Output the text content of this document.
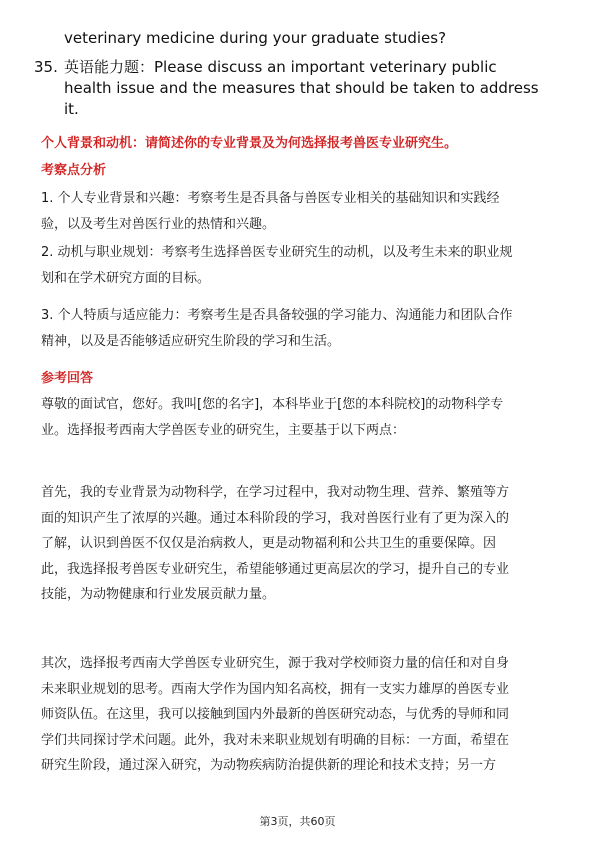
veterinary medicine during your graduate studies?
35. 英语能力题：Please discuss an important veterinary public
health issue and the measures that should be taken to address
it.
个人背景和动机：请简述你的专业背景及为何选择报考兽医专业研究生。
考察点分析
1. 个人专业背景和兴趣：考察考生是否具备与兽医专业相关的基础知识和实践经
验，以及考生对兽医行业的热情和兴趣。
2. 动机与职业规划：考察考生选择兽医专业研究生的动机，以及考生未来的职业规
划和在学术研究方面的目标。
3. 个人特质与适应能力：考察考生是否具备较强的学习能力、沟通能力和团队合作
精神，以及是否能够适应研究生阶段的学习和生活。
参考回答
尊敬的面试官，您好。我叫[您的名字]，本科毕业于[您的本科院校]的动物科学专
业。选择报考西南大学兽医专业的研究生，主要基于以下两点：
首先，我的专业背景为动物科学，在学习过程中，我对动物生理、营养、繁殖等方
面的知识产生了浓厚的兴趣。通过本科阶段的学习，我对兽医行业有了更为深入的
了解，认识到兽医不仅仅是治病救人，更是动物福利和公共卫生的重要保障。因
此，我选择报考兽医专业研究生，希望能够通过更高层次的学习，提升自己的专业
技能，为动物健康和行业发展贡献力量。
其次，选择报考西南大学兽医专业研究生，源于我对学校师资力量的信任和对自身
未来职业规划的思考。西南大学作为国内知名高校，拥有一支实力雄厚的兽医专业
师资队伍。在这里，我可以接触到国内外最新的兽医研究动态，与优秀的导师和同
学们共同探讨学术问题。此外，我对未来职业规划有明确的目标：一方面，希望在
研究生阶段，通过深入研究，为动物疾病防治提供新的理论和技术支持；另一方
第3页，共60页
